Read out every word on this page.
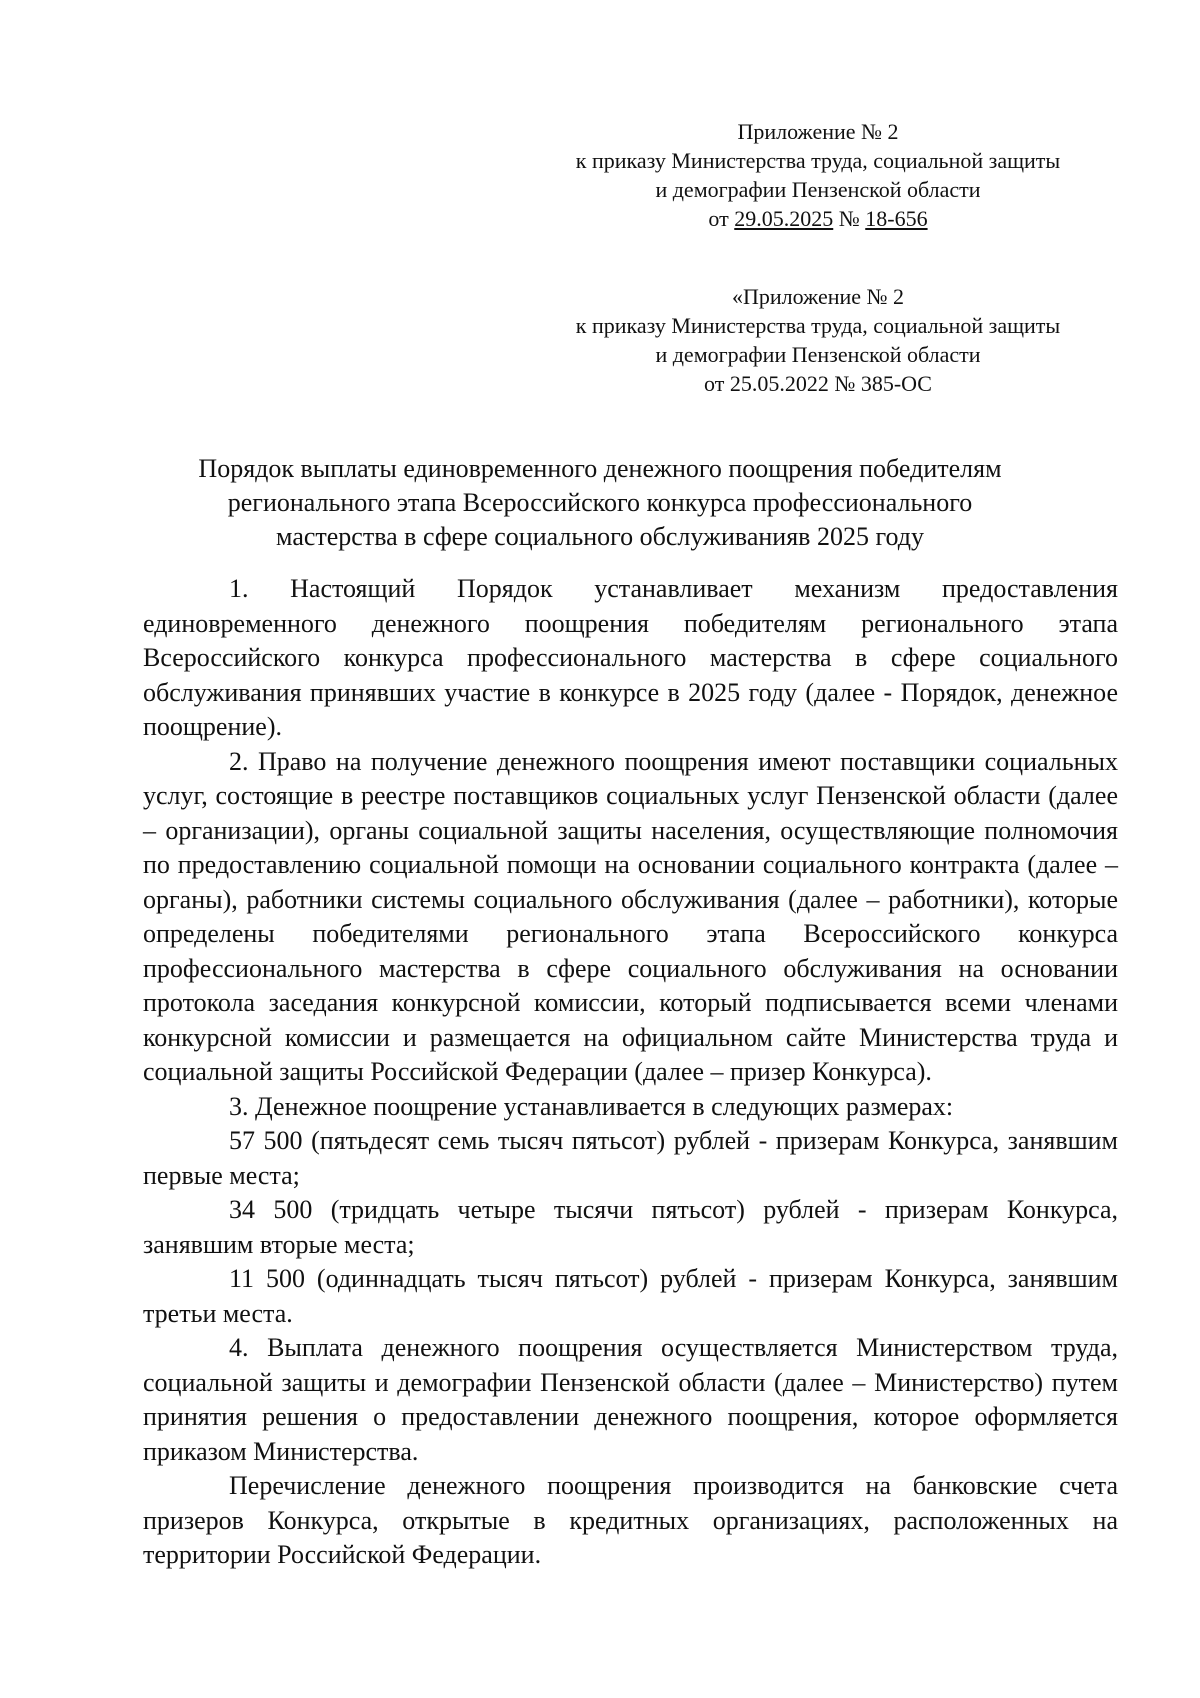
Приложение № 2
к приказу Министерства труда, социальной защиты
и демографии Пензенской области
от 29.05.2025 № 18-656
«Приложение № 2
к приказу Министерства труда, социальной защиты
и демографии Пензенской области
от 25.05.2022 № 385-ОС
Порядок выплаты единовременного денежного поощрения победителям
регионального этапа Всероссийского конкурса профессионального
мастерства в сфере социального обслуживанияв 2025 году

1. Настоящий Порядок устанавливает механизм предоставления единовременного денежного поощрения победителям регионального этапа Всероссийского конкурса профессионального мастерства в сфере социального обслуживания принявших участие в конкурсе в 2025 году (далее - Порядок, денежное поощрение).

2. Право на получение денежного поощрения имеют поставщики социальных услуг, состоящие в реестре поставщиков социальных услуг Пензенской области (далее – организации), органы социальной защиты населения, осуществляющие полномочия по предоставлению социальной помощи на основании социального контракта (далее – органы), работники системы социального обслуживания (далее – работники), которые определены победителями регионального этапа Всероссийского конкурса профессионального мастерства в сфере социального обслуживания на основании протокола заседания конкурсной комиссии, который подписывается всеми членами конкурсной комиссии и размещается на официальном сайте Министерства труда и социальной защиты Российской Федерации (далее – призер Конкурса).

3. Денежное поощрение устанавливается в следующих размерах:

57 500 (пятьдесят семь тысяч пятьсот) рублей - призерам Конкурса, занявшим первые места;

34 500 (тридцать четыре тысячи пятьсот) рублей - призерам Конкурса, занявшим вторые места;

11 500 (одиннадцать тысяч пятьсот) рублей - призерам Конкурса, занявшим третьи места.

4. Выплата денежного поощрения осуществляется Министерством труда, социальной защиты и демографии Пензенской области (далее – Министерство) путем принятия решения о предоставлении денежного поощрения, которое оформляется приказом Министерства.

Перечисление денежного поощрения производится на банковские счета призеров Конкурса, открытые в кредитных организациях, расположенных на территории Российской Федерации.
